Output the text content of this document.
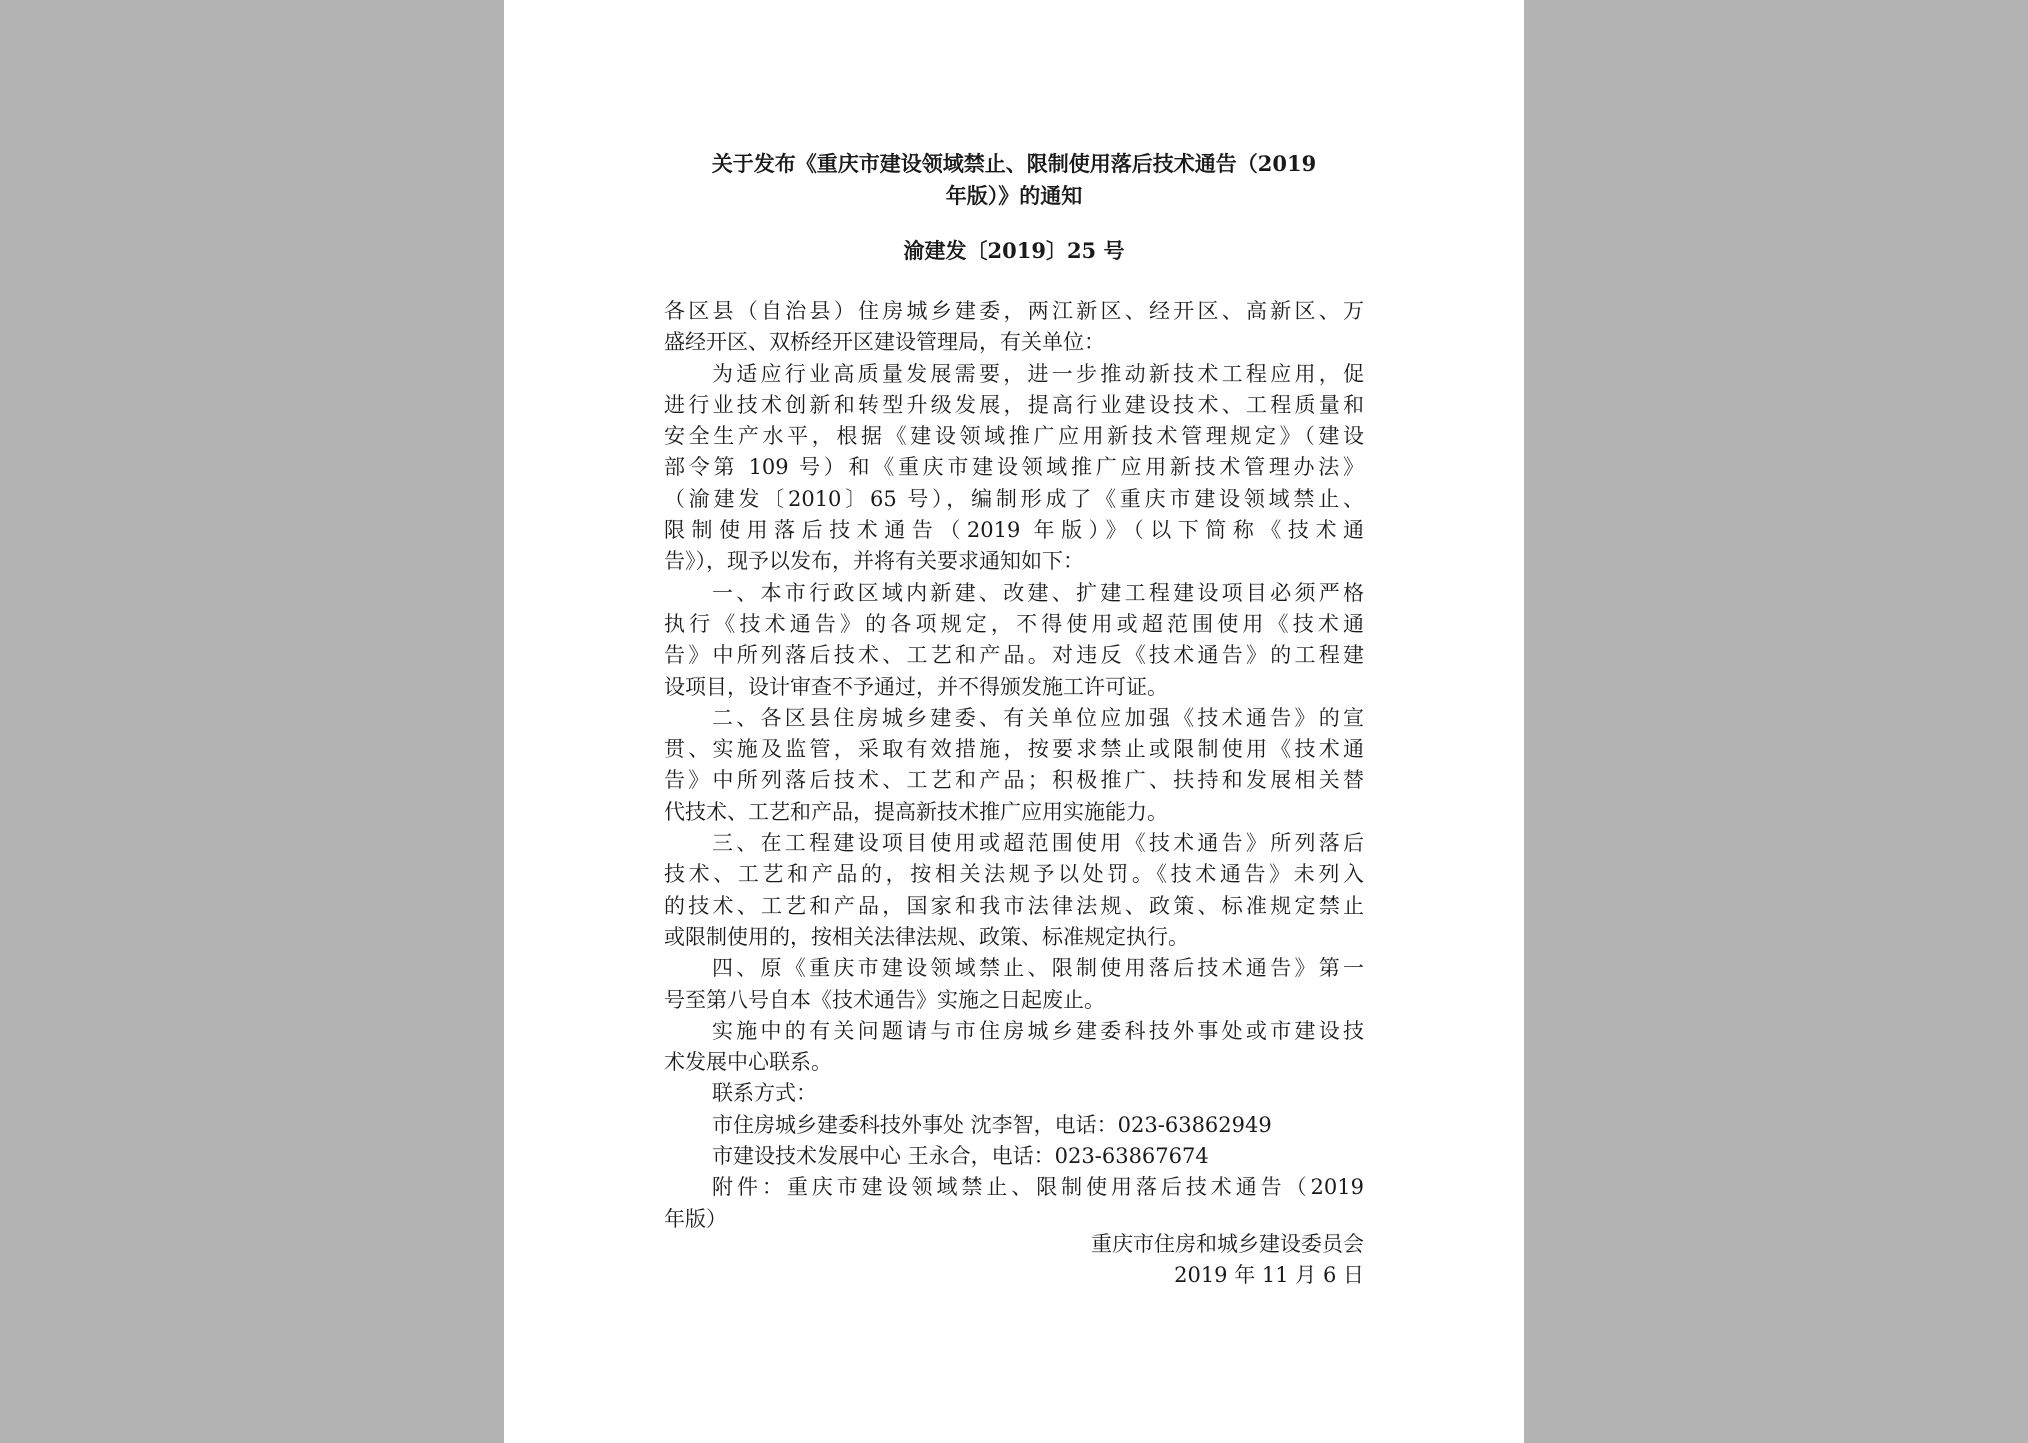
关于发布《重庆市建设领域禁止、限制使用落后技术通告（2019
年版）》的通知
渝建发〔2019〕25 号
各区县（自治县）住房城乡建委，两江新区、经开区、高新区、万
盛经开区、双桥经开区建设管理局，有关单位：
为适应行业高质量发展需要，进一步推动新技术工程应用，促
进行业技术创新和转型升级发展，提高行业建设技术、工程质量和
安全生产水平，根据《建设领域推广应用新技术管理规定》（建设
部令第 109 号）和《重庆市建设领域推广应用新技术管理办法》
（渝建发〔2010〕65 号），编制形成了《重庆市建设领域禁止、
限制使用落后技术通告（2019 年版）》（以下简称《技术通
告》），现予以发布，并将有关要求通知如下：
一、本市行政区域内新建、改建、扩建工程建设项目必须严格
执行《技术通告》的各项规定，不得使用或超范围使用《技术通
告》中所列落后技术、工艺和产品。对违反《技术通告》的工程建
设项目，设计审查不予通过，并不得颁发施工许可证。
二、各区县住房城乡建委、有关单位应加强《技术通告》的宣
贯、实施及监管，采取有效措施，按要求禁止或限制使用《技术通
告》中所列落后技术、工艺和产品；积极推广、扶持和发展相关替
代技术、工艺和产品，提高新技术推广应用实施能力。
三、在工程建设项目使用或超范围使用《技术通告》所列落后
技术、工艺和产品的，按相关法规予以处罚。《技术通告》未列入
的技术、工艺和产品，国家和我市法律法规、政策、标准规定禁止
或限制使用的，按相关法律法规、政策、标准规定执行。
四、原《重庆市建设领域禁止、限制使用落后技术通告》第一
号至第八号自本《技术通告》实施之日起废止。
实施中的有关问题请与市住房城乡建委科技外事处或市建设技
术发展中心联系。
联系方式：
市住房城乡建委科技外事处 沈李智，电话：023-63862949
市建设技术发展中心 王永合，电话：023-63867674
附件：重庆市建设领域禁止、限制使用落后技术通告（2019
年版）
重庆市住房和城乡建设委员会
2019 年 11 月 6 日
